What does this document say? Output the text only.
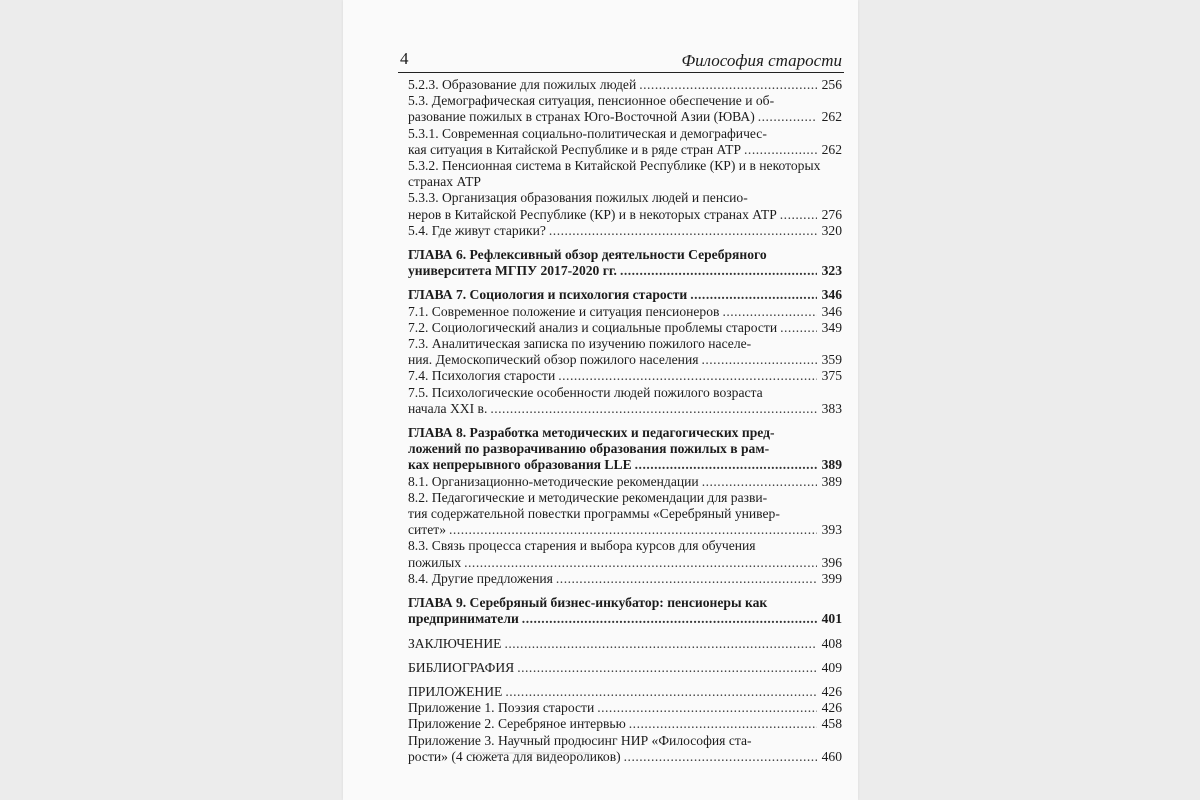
4	Философия старости
5.2.3. Образование для пожилых людей .....	256
5.3. Демографическая ситуация, пенсионное обеспечение и об-
разование пожилых в странах Юго-Восточной Азии (ЮВА) .....	262
5.3.1. Современная социально-политическая и демографичес-
кая ситуация в Китайской Республике и в ряде стран АТР .....	262
5.3.2. Пенсионная система в Китайской Республике (КР) и в некоторых
странах АТР
5.3.3. Организация образования пожилых людей и пенсио-
неров в Китайской Республике (КР) и в некоторых странах АТР .....	276
5.4. Где живут старики? .....	320
ГЛАВА 6. Рефлексивный обзор деятельности Серебряного
университета МГПУ 2017-2020 гг. .....	323
ГЛАВА 7. Социология и психология старости .....	346
7.1. Современное положение и ситуация пенсионеров .....	346
7.2. Социологический анализ и социальные проблемы старости .....	349
7.3. Аналитическая записка по изучению пожилого населе-
ния. Демоскопический обзор пожилого населения .....	359
7.4. Психология старости .....	375
7.5. Психологические особенности людей пожилого возраста
начала XXI в. .....	383
ГЛАВА 8. Разработка методических и педагогических пред-
ложений по разворачиванию образования пожилых в рам-
ках непрерывного образования LLE .....	389
8.1. Организационно-методические рекомендации .....	389
8.2. Педагогические и методические рекомендации для разви-
тия содержательной повестки программы «Серебряный универ-
ситет» .....	393
8.3. Связь процесса старения и выбора курсов для обучения
пожилых .....	396
8.4. Другие предложения .....	399
ГЛАВА 9. Серебряный бизнес-инкубатор: пенсионеры как
предприниматели .....	401
ЗАКЛЮЧЕНИЕ .....	408
БИБЛИОГРАФИЯ .....	409
ПРИЛОЖЕНИЕ .....	426
Приложение 1. Поэзия старости .....	426
Приложение 2. Серебряное интервью .....	458
Приложение 3. Научный продюсинг НИР «Философия ста-
рости» (4 сюжета для видеороликов) .....	460
